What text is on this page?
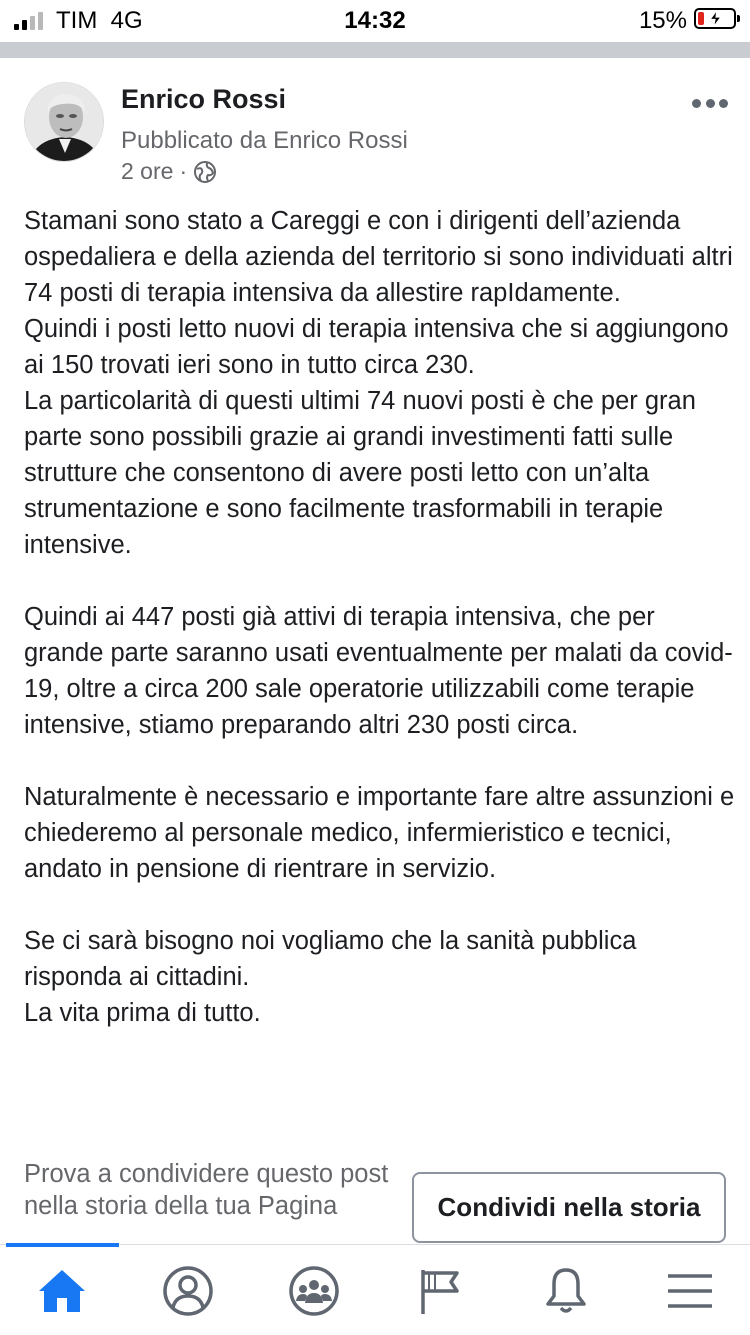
TIM 4G	14:32	15%
Enrico Rossi
Pubblicato da Enrico Rossi
2 ore ·

Stamani sono stato a Careggi e con i dirigenti dell’azienda ospedaliera e della azienda del territorio si sono individuati altri 74 posti di terapia intensiva da allestire rapIdamente.
Quindi i posti letto nuovi di terapia intensiva che si aggiungono ai 150 trovati ieri sono in tutto circa 230.
La particolarità di questi ultimi 74 nuovi posti è che per gran parte sono possibili grazie ai grandi investimenti fatti sulle strutture che consentono di avere posti letto con un’alta strumentazione e sono facilmente trasformabili in terapie intensive.

Quindi ai 447 posti già attivi di terapia intensiva, che per grande parte saranno usati eventualmente per malati da covid-19, oltre a circa 200 sale operatorie utilizzabili come terapie intensive, stiamo preparando altri 230 posti circa.

Naturalmente è necessario e importante fare altre assunzioni e chiederemo al personale medico, infermieristico e tecnici, andato in pensione di rientrare in servizio.

Se ci sarà bisogno noi vogliamo che la sanità pubblica risponda ai cittadini.
La vita prima di tutto.

Prova a condividere questo post nella storia della tua Pagina	Condividi nella storia
